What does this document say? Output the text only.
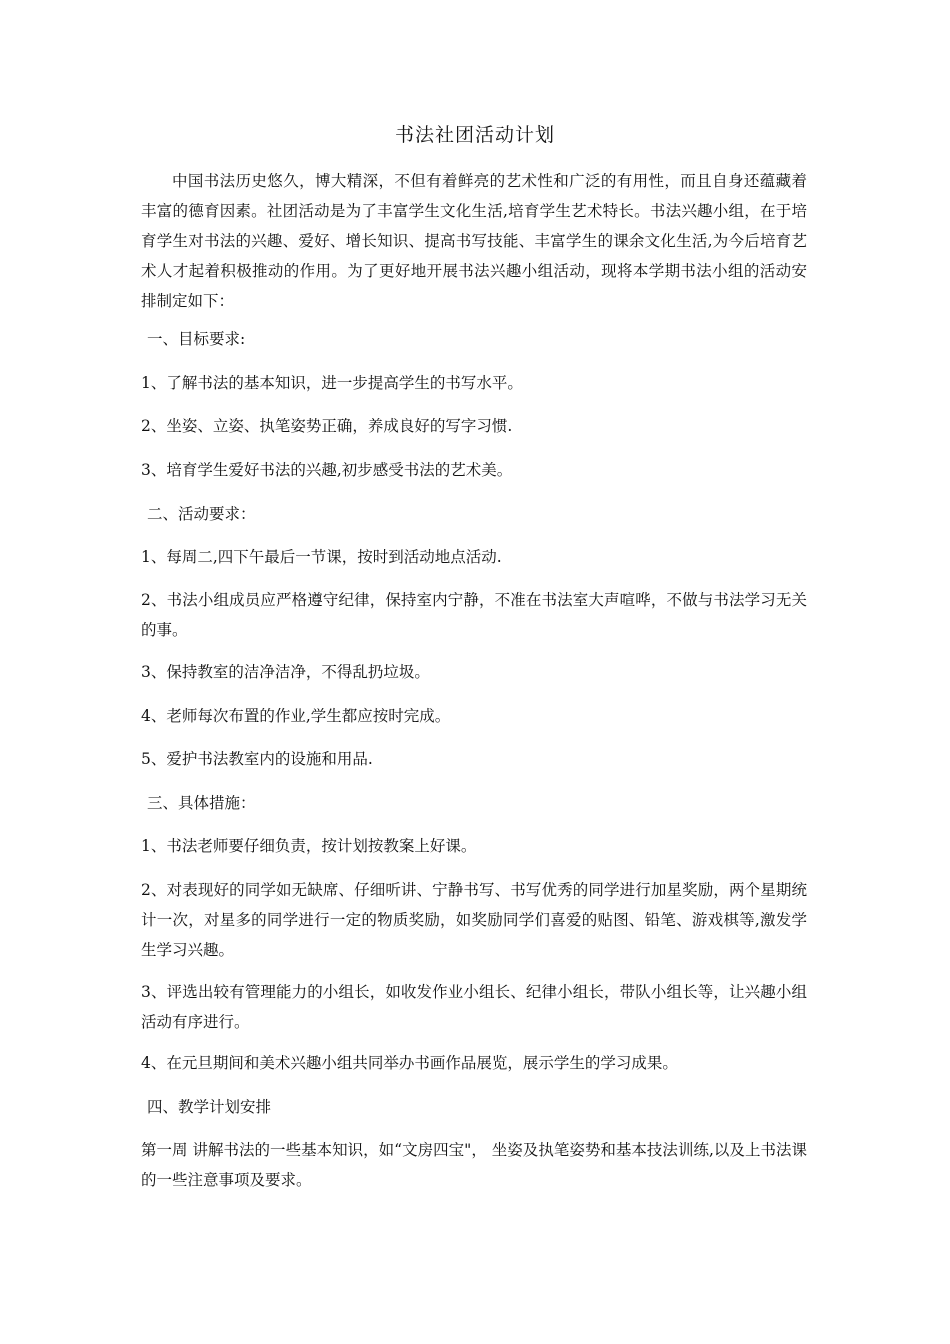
书法社团活动计划
中国书法历史悠久，博大精深，不但有着鲜亮的艺术性和广泛的有用性，而且自身还蕴藏着丰富的德育因素。社团活动是为了丰富学生文化生活,培育学生艺术特长。书法兴趣小组，在于培育学生对书法的兴趣、爱好、增长知识、提高书写技能、丰富学生的课余文化生活,为今后培育艺术人才起着积极推动的作用。为了更好地开展书法兴趣小组活动，现将本学期书法小组的活动安排制定如下：
一、目标要求:
1、了解书法的基本知识，进一步提高学生的书写水平。
2、坐姿、立姿、执笔姿势正确，养成良好的写字习惯.
3、培育学生爱好书法的兴趣,初步感受书法的艺术美。
二、活动要求：
1、每周二,四下午最后一节课，按时到活动地点活动.
2、书法小组成员应严格遵守纪律，保持室内宁静，不准在书法室大声喧哗，不做与书法学习无关的事。
3、保持教室的洁净洁净，不得乱扔垃圾。
4、老师每次布置的作业,学生都应按时完成。
5、爱护书法教室内的设施和用品.
三、具体措施：
1、书法老师要仔细负责，按计划按教案上好课。
2、对表现好的同学如无缺席、仔细听讲、宁静书写、书写优秀的同学进行加星奖励，两个星期统计一次，对星多的同学进行一定的物质奖励，如奖励同学们喜爱的贴图、铅笔、游戏棋等,激发学生学习兴趣。
3、评选出较有管理能力的小组长，如收发作业小组长、纪律小组长，带队小组长等，让兴趣小组活动有序进行。
4、在元旦期间和美术兴趣小组共同举办书画作品展览，展示学生的学习成果。
四、教学计划安排
第一周 讲解书法的一些基本知识，如“文房四宝"， 坐姿及执笔姿势和基本技法训练,以及上书法课的一些注意事项及要求。
